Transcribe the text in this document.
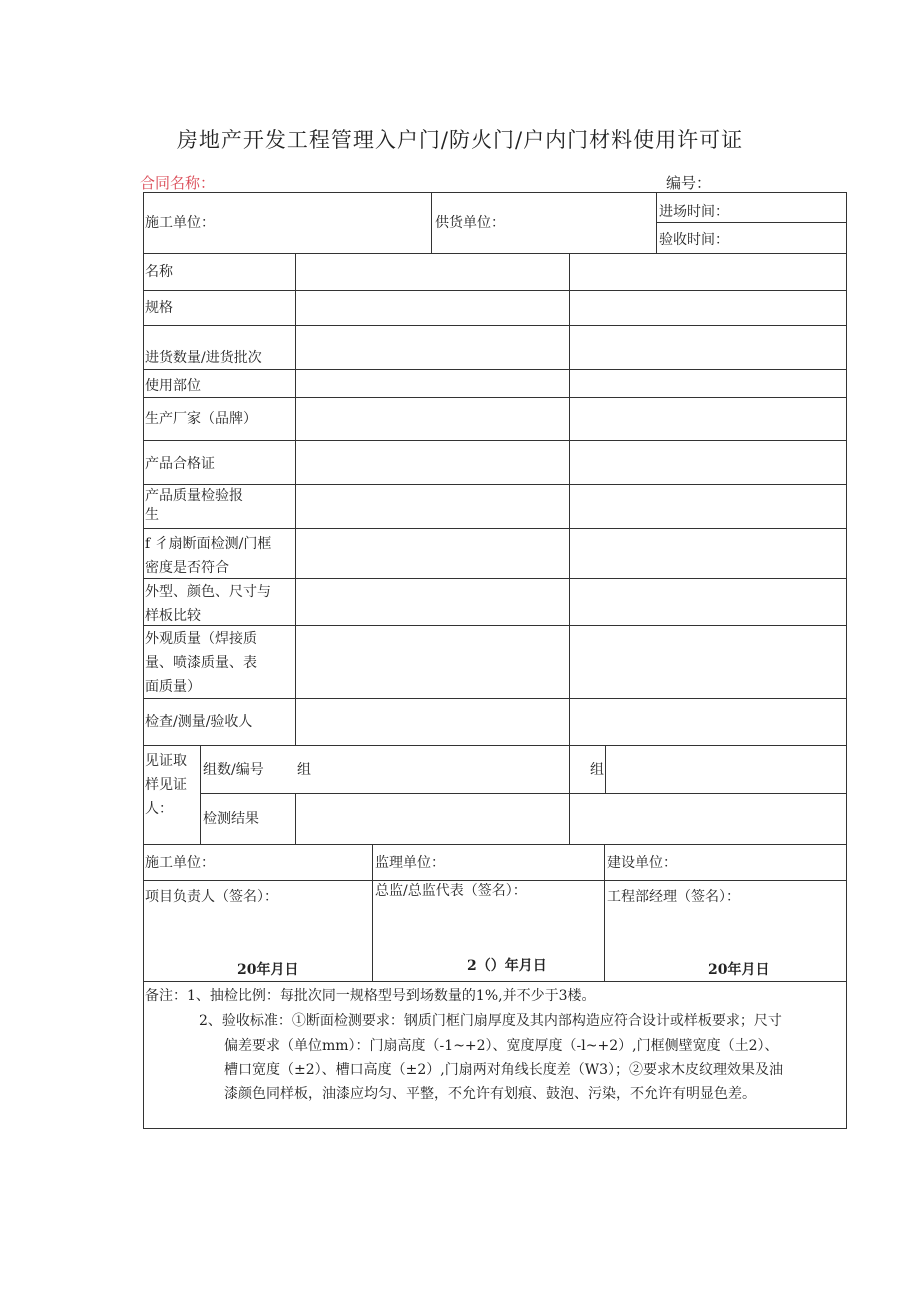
房地产开发工程管理入户门/防火门/户内门材料使用许可证
合同名称：	编号：
施工单位：	供货单位：
进场时间：
验收时间：
名称
规格
进货数量/进货批次
使用部位
生产厂家（品牌）
产品合格证
产品质量检验报
生
f 彳扇断面检测/门框
密度是否符合
外型、颜色、尺寸与
样板比较
外观质量（焊接质
量、喷漆质量、表
面质量）
检查/测量/验收人
见证取
样见证
人：
组数/编号 组	组
检测结果
施工单位：	监理单位：	建设单位：
项目负责人（签名）：	总监/总监代表（签名）：	工程部经理（签名）：
20年月日	2（）年月日	20年月日
备注：1、抽检比例：每批次同一规格型号到场数量的1%,并不少于3楼。
2、验收标准：①断面检测要求：钢质门框门扇厚度及其内部构造应符合设计或样板要求；尺寸
偏差要求（单位mm）：门扇高度（-1~+2）、宽度厚度（-l~+2）,门框侧壁宽度（土2）、
槽口宽度（±2）、槽口高度（±2）,门扇两对角线长度差（W3）；②要求木皮纹理效果及油
漆颜色同样板，油漆应均匀、平整，不允许有划痕、鼓泡、污染，不允许有明显色差。
